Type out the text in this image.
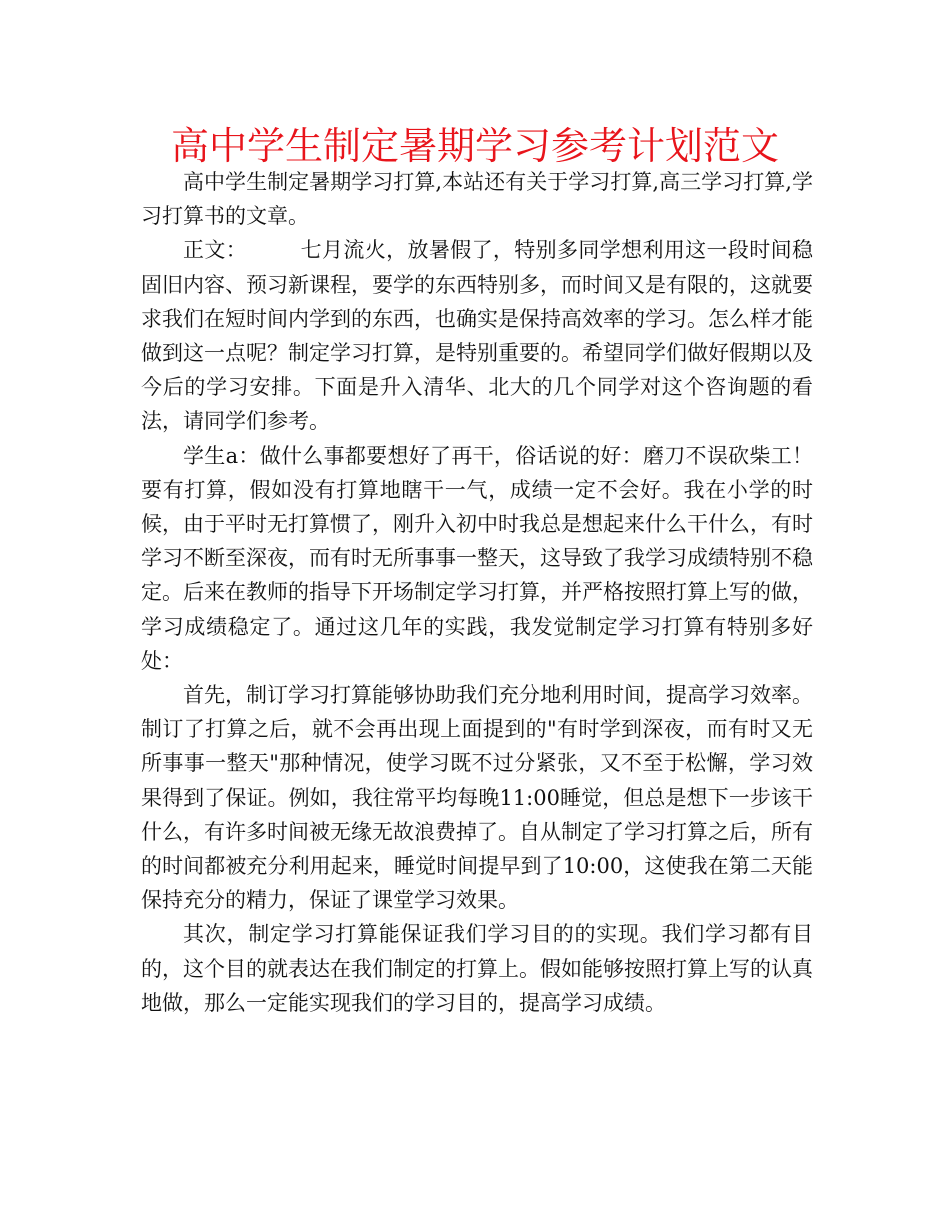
高中学生制定暑期学习参考计划范文

高中学生制定暑期学习打算,本站还有关于学习打算,高三学习打算,学习打算书的文章。

正文：　　　七月流火，放暑假了，特别多同学想利用这一段时间稳固旧内容、预习新课程，要学的东西特别多，而时间又是有限的，这就要求我们在短时间内学到的东西，也确实是保持高效率的学习。怎么样才能做到这一点呢？制定学习打算，是特别重要的。希望同学们做好假期以及今后的学习安排。下面是升入清华、北大的几个同学对这个咨询题的看法，请同学们参考。

学生a：做什么事都要想好了再干，俗话说的好：磨刀不误砍柴工！要有打算，假如没有打算地瞎干一气，成绩一定不会好。我在小学的时候，由于平时无打算惯了，刚升入初中时我总是想起来什么干什么，有时学习不断至深夜，而有时无所事事一整天，这导致了我学习成绩特别不稳定。后来在教师的指导下开场制定学习打算，并严格按照打算上写的做，学习成绩稳定了。通过这几年的实践，我发觉制定学习打算有特别多好处：

首先，制订学习打算能够协助我们充分地利用时间，提高学习效率。制订了打算之后，就不会再出现上面提到的"有时学到深夜，而有时又无所事事一整天"那种情况，使学习既不过分紧张，又不至于松懈，学习效果得到了保证。例如，我往常平均每晚11:00睡觉，但总是想下一步该干什么，有许多时间被无缘无故浪费掉了。自从制定了学习打算之后，所有的时间都被充分利用起来，睡觉时间提早到了10:00，这使我在第二天能保持充分的精力，保证了课堂学习效果。

其次，制定学习打算能保证我们学习目的的实现。我们学习都有目的，这个目的就表达在我们制定的打算上。假如能够按照打算上写的认真地做，那么一定能实现我们的学习目的，提高学习成绩。
